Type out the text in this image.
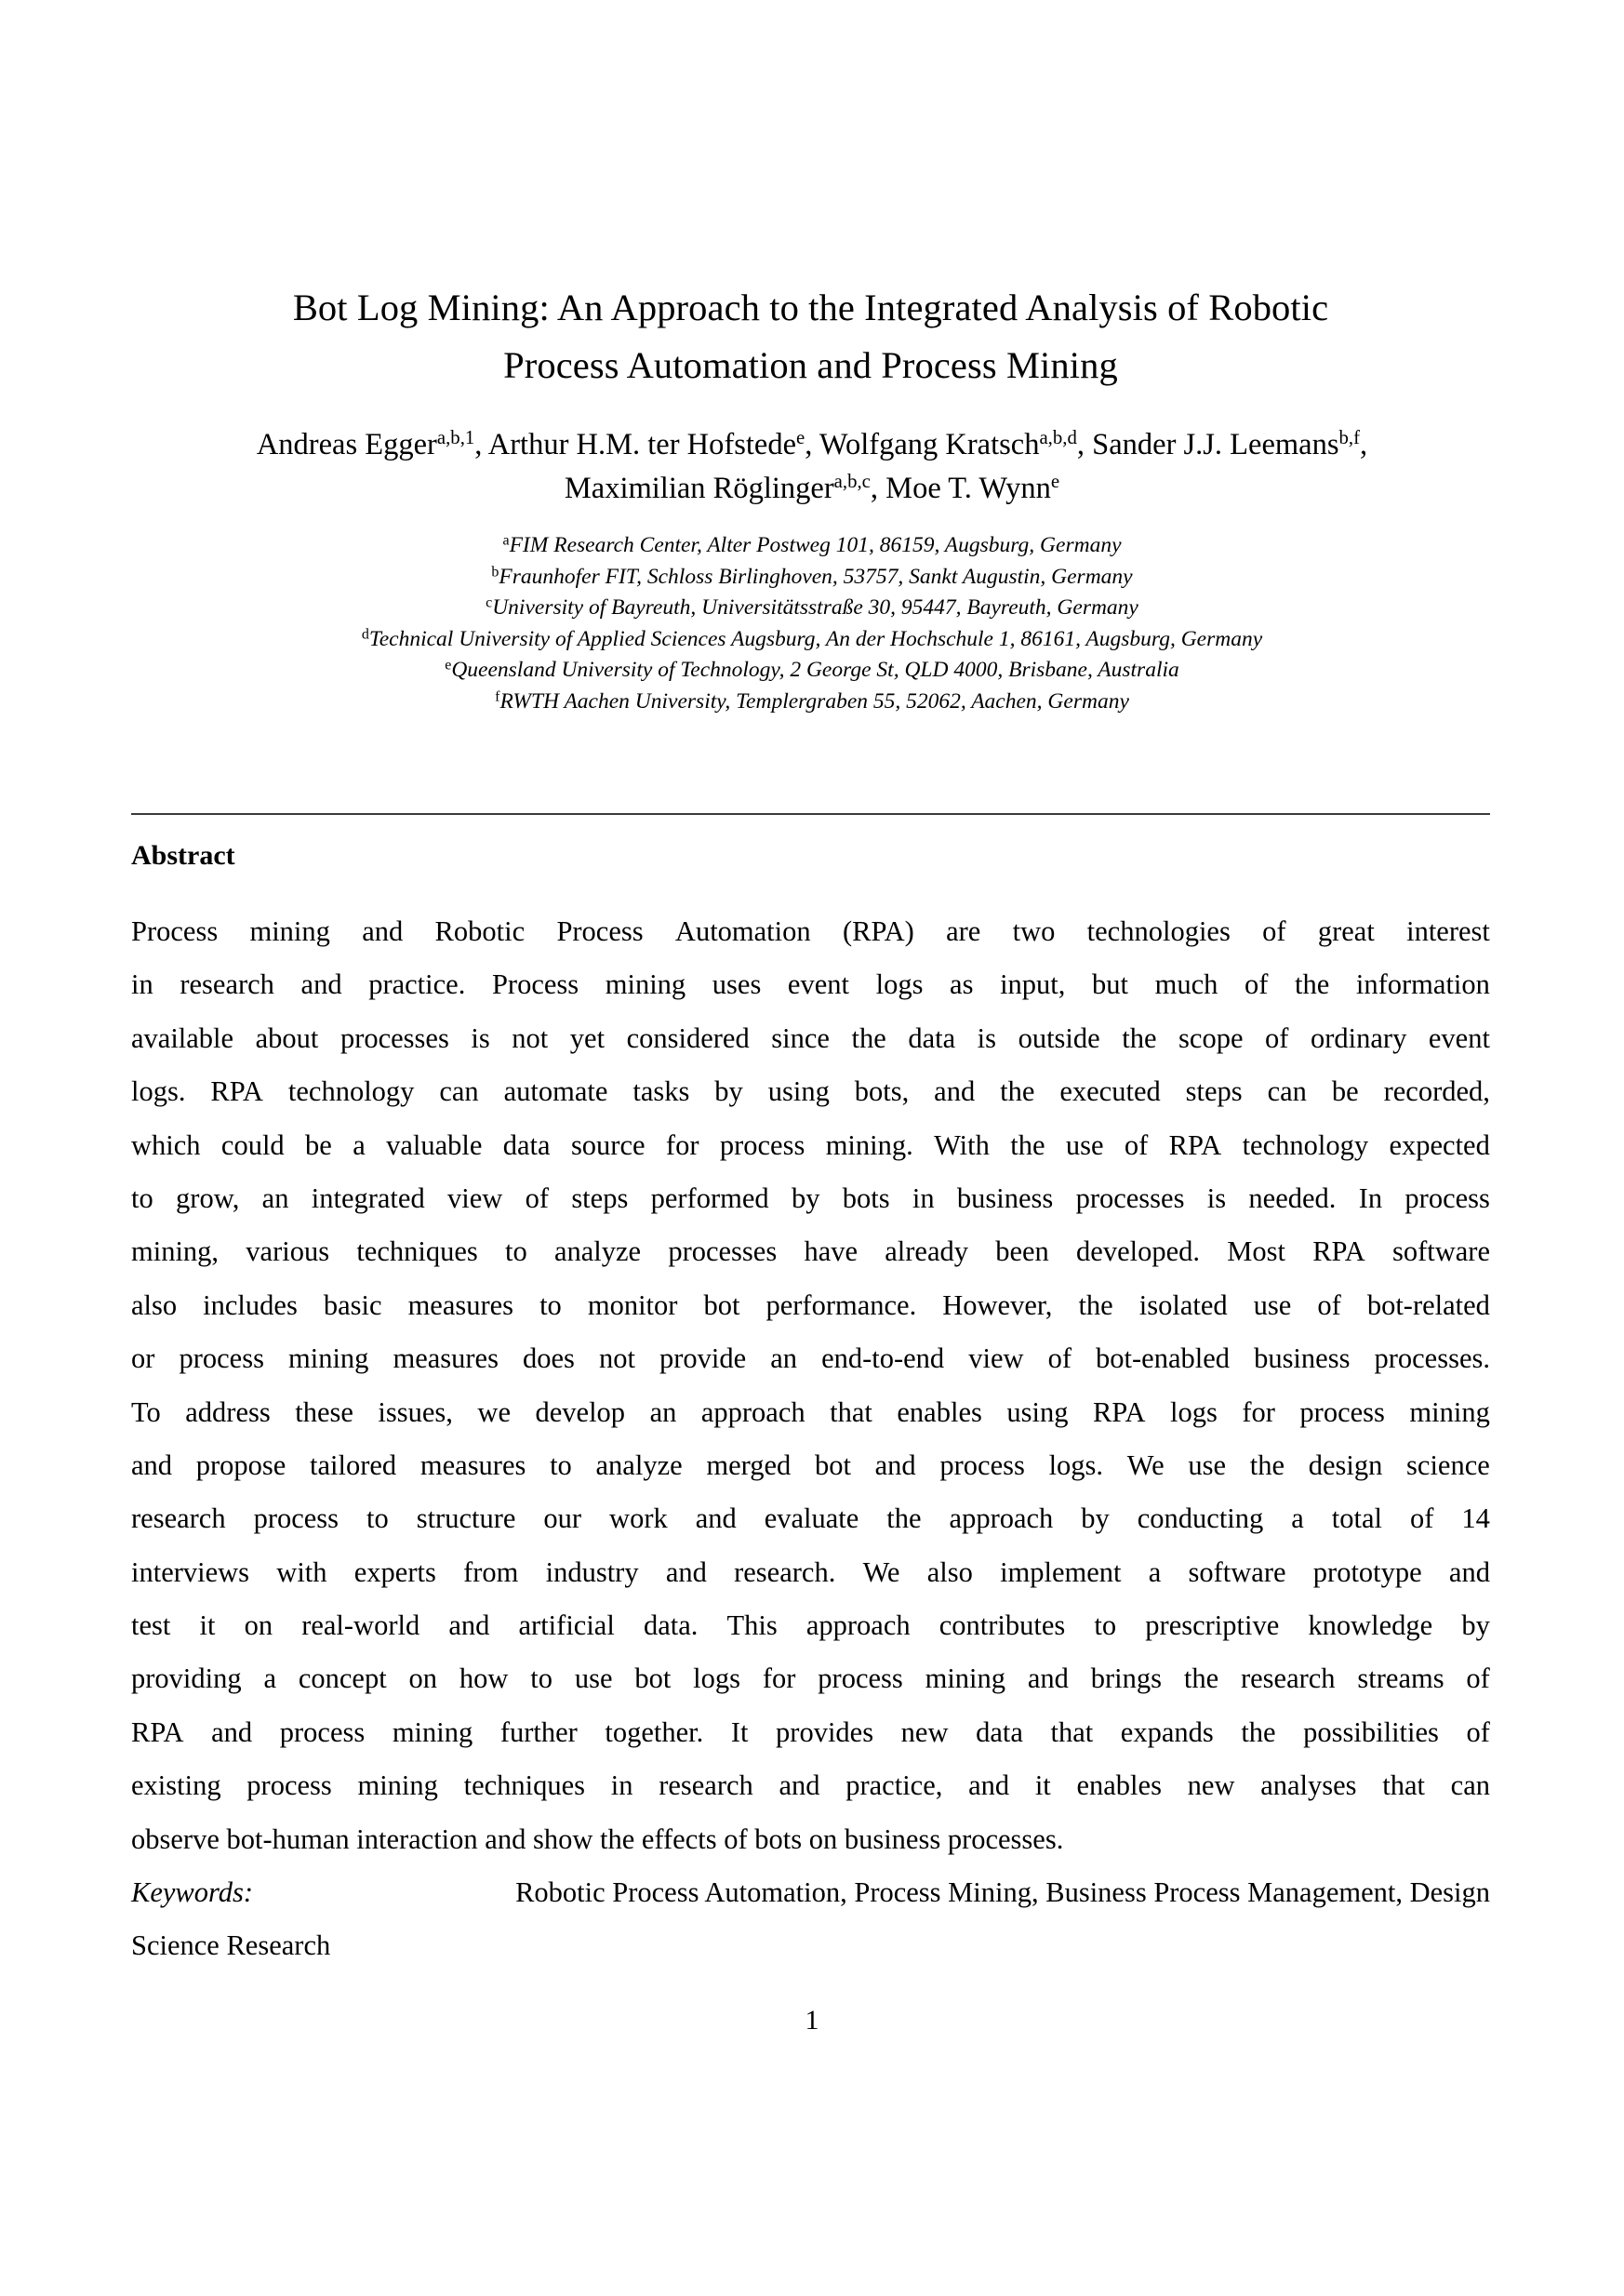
Bot Log Mining: An Approach to the Integrated Analysis of Robotic
Process Automation and Process Mining
Andreas Egger$^{a,b,1}$, Arthur H.M. ter Hofstede$^e$, Wolfgang Kratsch$^{a,b,d}$, Sander J.J. Leemans$^{b,f}$,
Maximilian Röglinger$^{a,b,c}$, Moe T. Wynn$^e$
$^a$FIM Research Center, Alter Postweg 101, 86159, Augsburg, Germany
$^b$Fraunhofer FIT, Schloss Birlinghoven, 53757, Sankt Augustin, Germany
$^c$University of Bayreuth, Universitätsstraße 30, 95447, Bayreuth, Germany
$^d$Technical University of Applied Sciences Augsburg, An der Hochschule 1, 86161, Augsburg, Germany
$^e$Queensland University of Technology, 2 George St, QLD 4000, Brisbane, Australia
$^f$RWTH Aachen University, Templergraben 55, 52062, Aachen, Germany
Abstract
Process mining and Robotic Process Automation (RPA) are two technologies of great interest
in research and practice. Process mining uses event logs as input, but much of the information
available about processes is not yet considered since the data is outside the scope of ordinary event
logs. RPA technology can automate tasks by using bots, and the executed steps can be recorded,
which could be a valuable data source for process mining. With the use of RPA technology expected
to grow, an integrated view of steps performed by bots in business processes is needed. In process
mining, various techniques to analyze processes have already been developed. Most RPA software
also includes basic measures to monitor bot performance. However, the isolated use of bot-related
or process mining measures does not provide an end-to-end view of bot-enabled business processes.
To address these issues, we develop an approach that enables using RPA logs for process mining
and propose tailored measures to analyze merged bot and process logs. We use the design science
research process to structure our work and evaluate the approach by conducting a total of 14
interviews with experts from industry and research. We also implement a software prototype and
test it on real-world and artificial data. This approach contributes to prescriptive knowledge by
providing a concept on how to use bot logs for process mining and brings the research streams of
RPA and process mining further together. It provides new data that expands the possibilities of
existing process mining techniques in research and practice, and it enables new analyses that can
observe bot-human interaction and show the effects of bots on business processes.
Keywords:	Robotic Process Automation, Process Mining, Business Process Management, Design
Science Research
1
